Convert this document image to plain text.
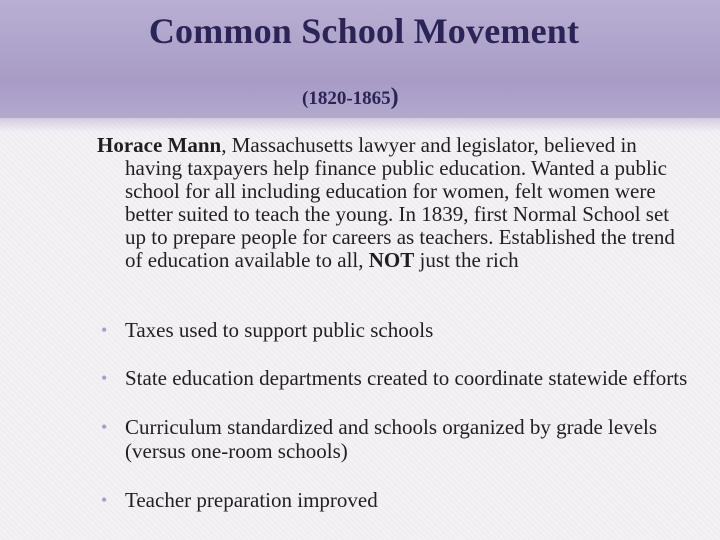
Common School Movement
(1820-1865)
Horace Mann, Massachusetts lawyer and legislator, believed in having taxpayers help finance public education. Wanted a public school for all including education for women, felt women were better suited to teach the young. In 1839, first Normal School set up to prepare people for careers as teachers. Established the trend of education available to all, NOT just the rich
• Taxes used to support public schools
• State education departments created to coordinate statewide efforts
• Curriculum standardized and schools organized by grade levels (versus one-room schools)
• Teacher preparation improved
